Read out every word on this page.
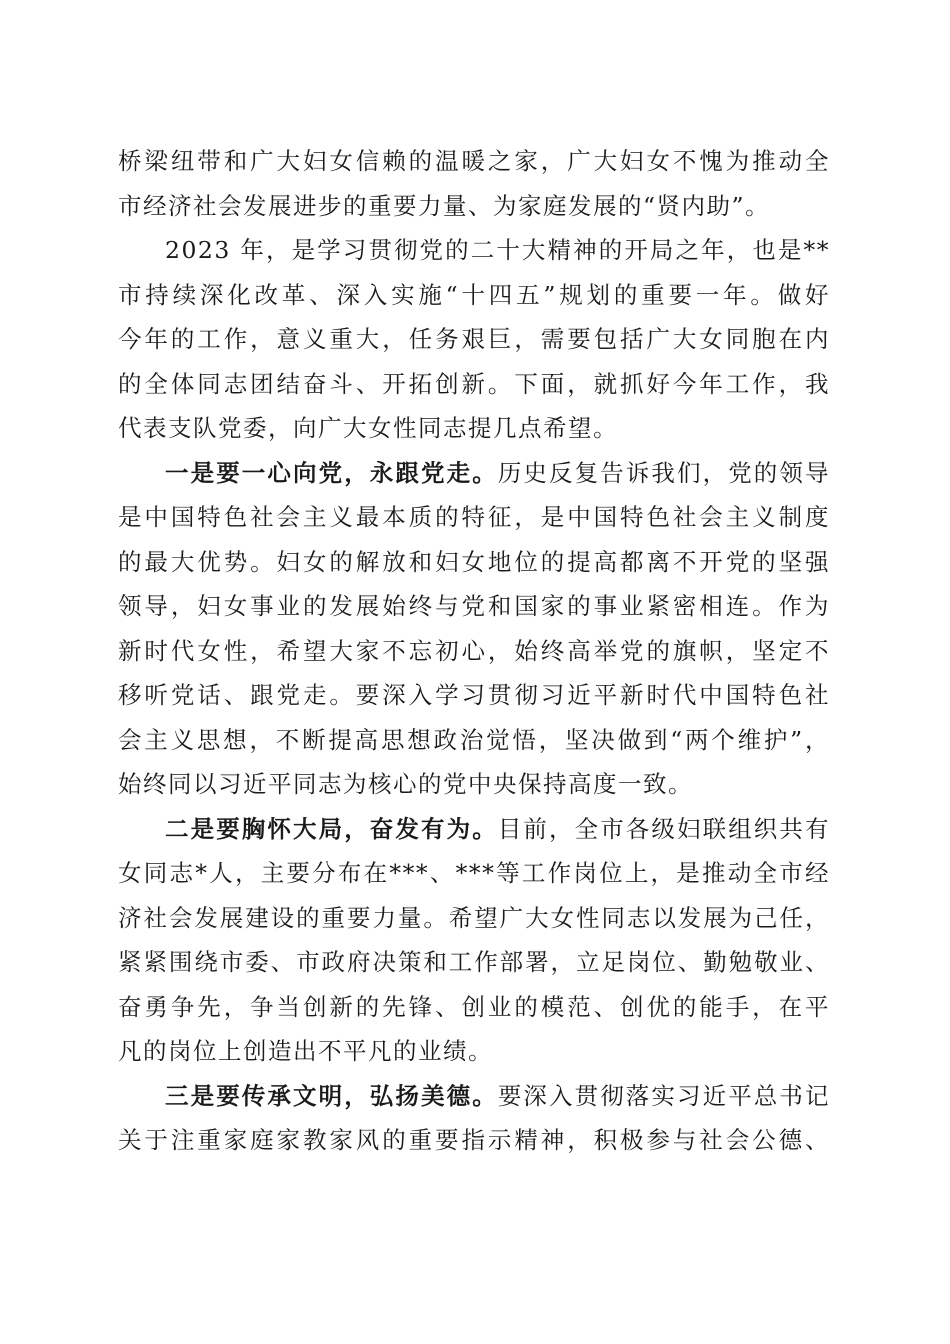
桥梁纽带和广大妇女信赖的温暖之家，广大妇女不愧为推动全
市经济社会发展进步的重要力量、为家庭发展的“贤内助”。
2023 年，是学习贯彻党的二十大精神的开局之年，也是**
市持续深化改革、深入实施“十四五”规划的重要一年。做好
今年的工作，意义重大，任务艰巨，需要包括广大女同胞在内
的全体同志团结奋斗、开拓创新。下面，就抓好今年工作，我
代表支队党委，向广大女性同志提几点希望。
一是要一心向党，永跟党走。历史反复告诉我们，党的领导
是中国特色社会主义最本质的特征，是中国特色社会主义制度
的最大优势。妇女的解放和妇女地位的提高都离不开党的坚强
领导，妇女事业的发展始终与党和国家的事业紧密相连。作为
新时代女性，希望大家不忘初心，始终高举党的旗帜，坚定不
移听党话、跟党走。要深入学习贯彻习近平新时代中国特色社
会主义思想，不断提高思想政治觉悟，坚决做到“两个维护”，
始终同以习近平同志为核心的党中央保持高度一致。
二是要胸怀大局，奋发有为。目前，全市各级妇联组织共有
女同志*人，主要分布在***、***等工作岗位上，是推动全市经
济社会发展建设的重要力量。希望广大女性同志以发展为己任，
紧紧围绕市委、市政府决策和工作部署，立足岗位、勤勉敬业、
奋勇争先，争当创新的先锋、创业的模范、创优的能手，在平
凡的岗位上创造出不平凡的业绩。
三是要传承文明，弘扬美德。要深入贯彻落实习近平总书记
关于注重家庭家教家风的重要指示精神，积极参与社会公德、
